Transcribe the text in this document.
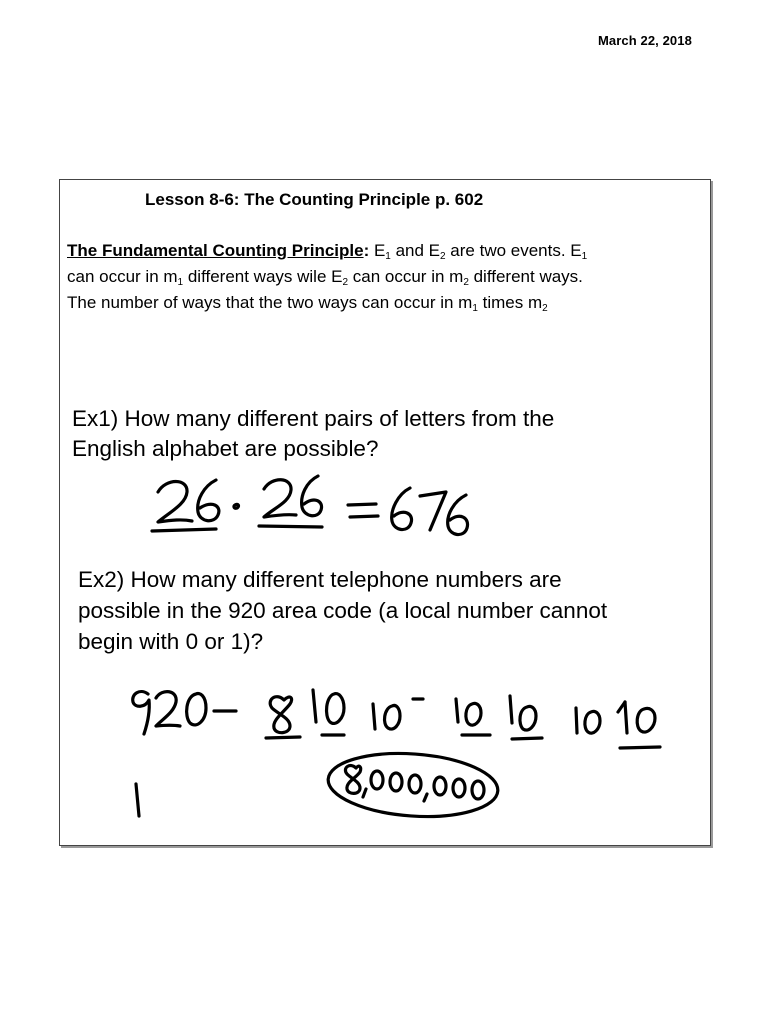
March 22, 2018
Lesson 8-6: The Counting Principle p. 602
The Fundamental Counting Principle: $E_1$ and $E_2$ are two events. $E_1$
can occur in $m_1$ different ways wile $E_2$ can occur in $m_2$ different ways.
The number of ways that the two ways can occur in $m_1$ times $m_2$
Ex1) How many different pairs of letters from the
English alphabet are possible?
Ex2) How many different telephone numbers are
possible in the 920 area code (a local number cannot
begin with 0 or 1)?
